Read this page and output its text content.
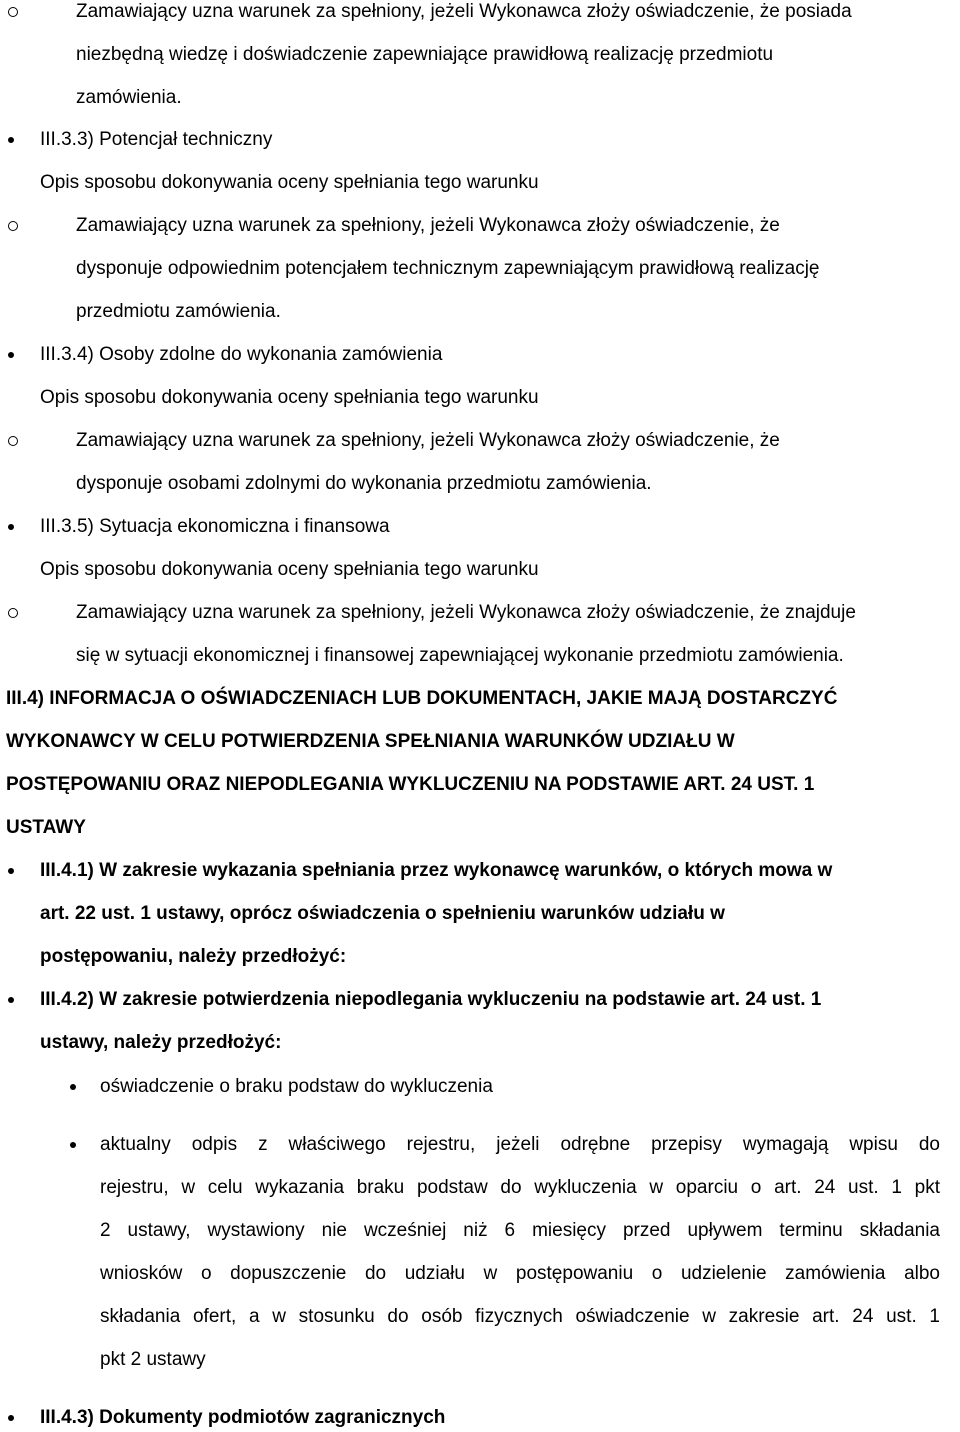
Zamawiający uzna warunek za spełniony, jeżeli Wykonawca złoży oświadczenie, że posiada
niezbędną wiedzę i doświadczenie zapewniające prawidłową realizację przedmiotu
zamówienia.
III.3.3) Potencjał techniczny
Opis sposobu dokonywania oceny spełniania tego warunku
Zamawiający uzna warunek za spełniony, jeżeli Wykonawca złoży oświadczenie, że
dysponuje odpowiednim potencjałem technicznym zapewniającym prawidłową realizację
przedmiotu zamówienia.
III.3.4) Osoby zdolne do wykonania zamówienia
Opis sposobu dokonywania oceny spełniania tego warunku
Zamawiający uzna warunek za spełniony, jeżeli Wykonawca złoży oświadczenie, że
dysponuje osobami zdolnymi do wykonania przedmiotu zamówienia.
III.3.5) Sytuacja ekonomiczna i finansowa
Opis sposobu dokonywania oceny spełniania tego warunku
Zamawiający uzna warunek za spełniony, jeżeli Wykonawca złoży oświadczenie, że znajduje
się w sytuacji ekonomicznej i finansowej zapewniającej wykonanie przedmiotu zamówienia.
III.4) INFORMACJA O OŚWIADCZENIACH LUB DOKUMENTACH, JAKIE MAJĄ DOSTARCZYĆ
WYKONAWCY W CELU POTWIERDZENIA SPEŁNIANIA WARUNKÓW UDZIAŁU W
POSTĘPOWANIU ORAZ NIEPODLEGANIA WYKLUCZENIU NA PODSTAWIE ART. 24 UST. 1
USTAWY
III.4.1) W zakresie wykazania spełniania przez wykonawcę warunków, o których mowa w
art. 22 ust. 1 ustawy, oprócz oświadczenia o spełnieniu warunków udziału w
postępowaniu, należy przedłożyć:
III.4.2) W zakresie potwierdzenia niepodlegania wykluczeniu na podstawie art. 24 ust. 1
ustawy, należy przedłożyć:
oświadczenie o braku podstaw do wykluczenia
aktualny odpis z właściwego rejestru, jeżeli odrębne przepisy wymagają wpisu do
rejestru, w celu wykazania braku podstaw do wykluczenia w oparciu o art. 24 ust. 1 pkt
2 ustawy, wystawiony nie wcześniej niż 6 miesięcy przed upływem terminu składania
wniosków o dopuszczenie do udziału w postępowaniu o udzielenie zamówienia albo
składania ofert, a w stosunku do osób fizycznych oświadczenie w zakresie art. 24 ust. 1
pkt 2 ustawy
III.4.3) Dokumenty podmiotów zagranicznych
